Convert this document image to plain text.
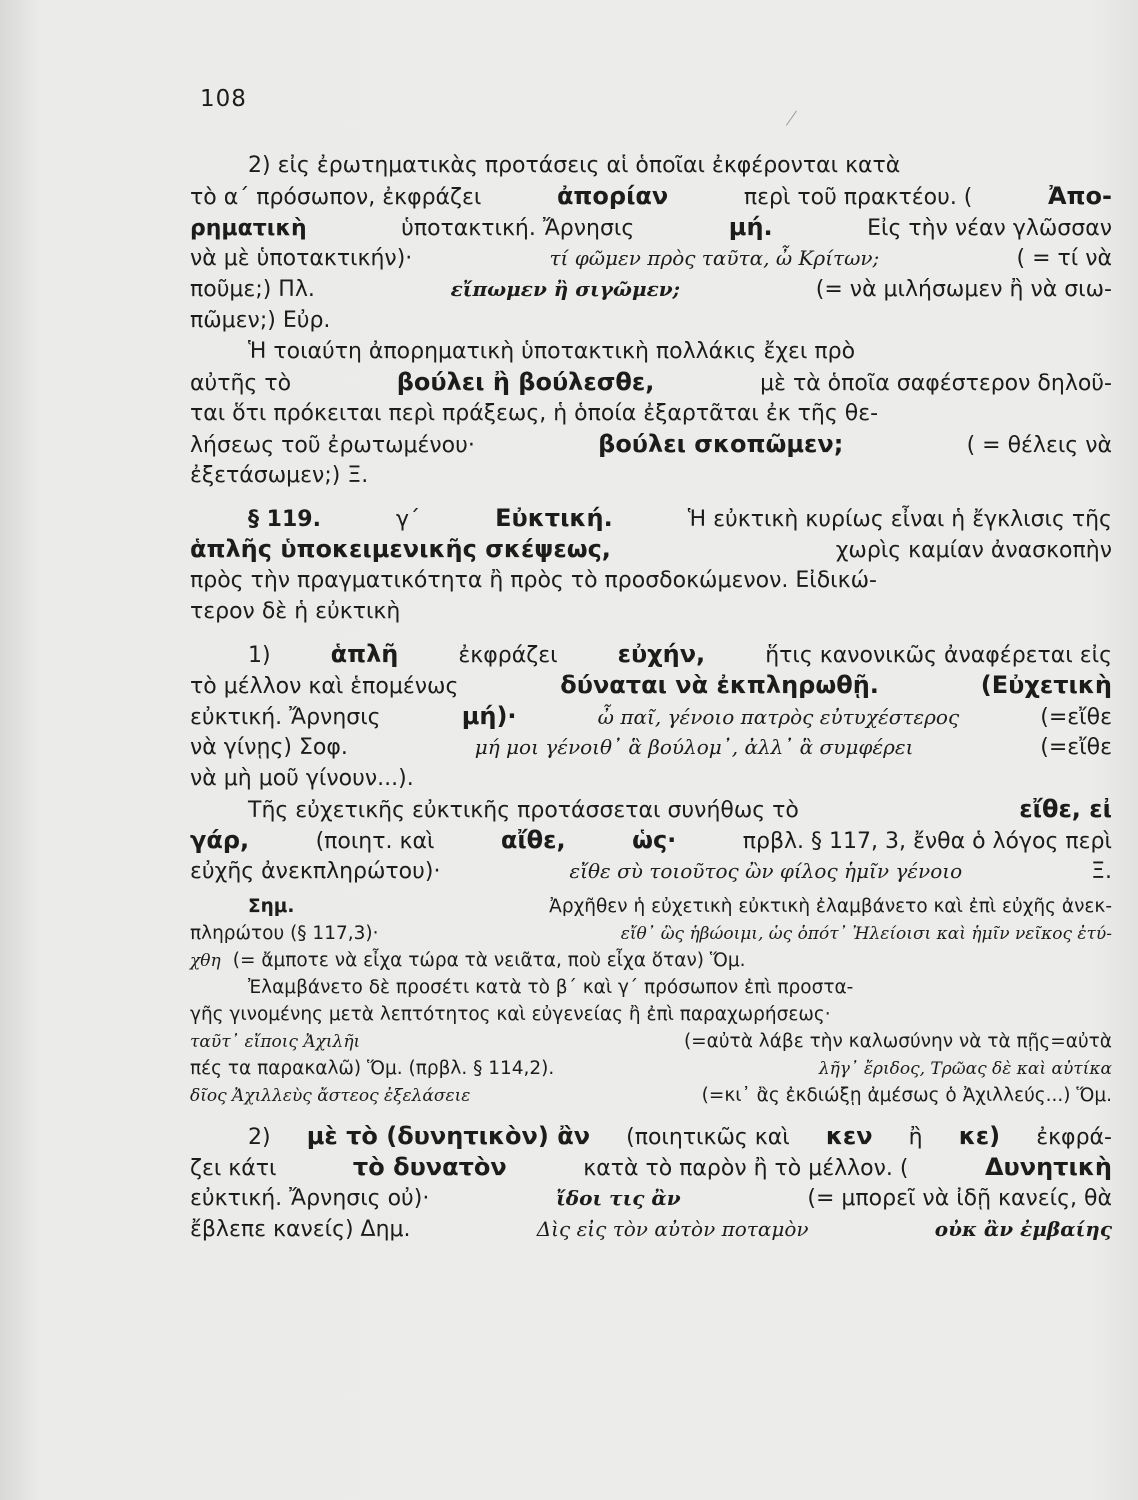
108
2) εἰς ἐρωτηματικὰς προτάσεις αἱ ὁποῖαι ἐκφέρονται κατὰ
τὸ α΄ πρόσωπον, ἐκφράζει	ἀπορίαν	περὶ τοῦ πρακτέου. (	Ἀπο-
ρηματικὴ	ὑποτακτική. Ἄρνησις	μή.	Εἰς τὴν νέαν γλῶσσαν
νὰ μὲ ὑποτακτικήν)·	τί φῶμεν πρὸς ταῦτα, ὦ Κρίτων;	( = τί νὰ
ποῦμε;) Πλ.	εἴπωμεν ἢ σιγῶμεν;	(= νὰ μιλήσωμεν ἢ νὰ σιω-
πῶμεν;) Εὐρ.
Ἡ τοιαύτη ἀπορηματικὴ ὑποτακτικὴ πολλάκις ἔχει πρὸ
αὐτῆς τὸ	βούλει ἢ βούλεσθε,	μὲ τὰ ὁποῖα σαφέστερον δηλοῦ-
ται ὅτι πρόκειται περὶ πράξεως, ἡ ὁποία ἐξαρτᾶται ἐκ τῆς θε-
λήσεως τοῦ ἐρωτωμένου·	βούλει σκοπῶμεν;	( = θέλεις νὰ
ἐξετάσωμεν;) Ξ.
§ 119.	γ΄	Εὐκτική.	Ἡ εὐκτικὴ κυρίως εἶναι ἡ ἔγκλισις τῆς
ἁπλῆς ὑποκειμενικῆς σκέψεως,	χωρὶς καμίαν ἀνασκοπὴν
πρὸς τὴν πραγματικότητα ἢ πρὸς τὸ προσδοκώμενον. Εἰδικώ-
τερον δὲ ἡ εὐκτικὴ
1)	ἁπλῆ	ἐκφράζει	εὐχήν,	ἥτις κανονικῶς ἀναφέρεται εἰς
τὸ μέλλον καὶ ἑπομένως	δύναται νὰ ἐκπληρωθῇ.	(Εὐχετικὴ
εὐκτική. Ἄρνησις	μή)·	ὦ παῖ, γένοιο πατρὸς εὐτυχέστερος	(=εἴθε
νὰ γίνῃς) Σοφ.	μή μοι γένοιθ᾽ ἃ βούλομ᾽, ἀλλ᾽ ἃ συμφέρει	(=εἴθε
νὰ μὴ μοῦ γίνουν...).
Τῆς εὐχετικῆς εὐκτικῆς προτάσσεται συνήθως τὸ	εἴθε, εἰ
γάρ,	(ποιητ. καὶ	αἴθε,	ὡς·	πρβλ. § 117, 3, ἔνθα ὁ λόγος περὶ
εὐχῆς ἀνεκπληρώτου)·	εἴθε σὺ τοιοῦτος ὢν φίλος ἡμῖν γένοιο	Ξ.
Σημ.	Ἀρχῆθεν ἡ εὐχετικὴ εὐκτικὴ ἐλαμβάνετο καὶ ἐπὶ εὐχῆς ἀνεκ-
πληρώτου (§ 117,3)·	εἴθ᾽ ὣς ἡβώοιμι, ὡς ὁπότ᾽ Ἠλείοισι καὶ ἡμῖν νεῖκος ἐτύ-
χθη (= ἄμποτε νὰ εἶχα τώρα τὰ νειᾶτα, ποὺ εἶχα ὅταν) Ὅμ.
Ἐλαμβάνετο δὲ προσέτι κατὰ τὸ β΄ καὶ γ΄ πρόσωπον ἐπὶ προστα-
γῆς γινομένης μετὰ λεπτότητος καὶ εὐγενείας ἢ ἐπὶ παραχωρήσεως·
ταῦτ᾽ εἴποις Ἀχιλῆι	(=αὐτὰ λάβε τὴν καλωσύνην νὰ τὰ πῇς=αὐτὰ
πές τα παρακαλῶ) Ὅμ. (πρβλ. § 114,2).	λῆγ᾽ ἔριδος, Τρῶας δὲ καὶ αὐτίκα
δῖος Ἀχιλλεὺς ἄστεος ἐξελάσειε	(=κι᾽ ἂς ἐκδιώξῃ ἀμέσως ὁ Ἀχιλλεύς...) Ὅμ.
2) μὲ τὸ (δυνητικὸν) ἂν (ποιητικῶς καὶ κεν ἢ κε) ἐκφρά-
ζει κάτι	τὸ δυνατὸν	κατὰ τὸ παρὸν ἢ τὸ μέλλον. (	Δυνητικὴ
εὐκτική. Ἄρνησις οὐ)·	ἴδοι τις ἂν	(= μπορεῖ νὰ ἰδῇ κανείς, θὰ
ἔβλεπε κανείς) Δημ.	Δὶς εἰς τὸν αὐτὸν ποταμὸν	οὐκ ἂν ἐμβαίης
